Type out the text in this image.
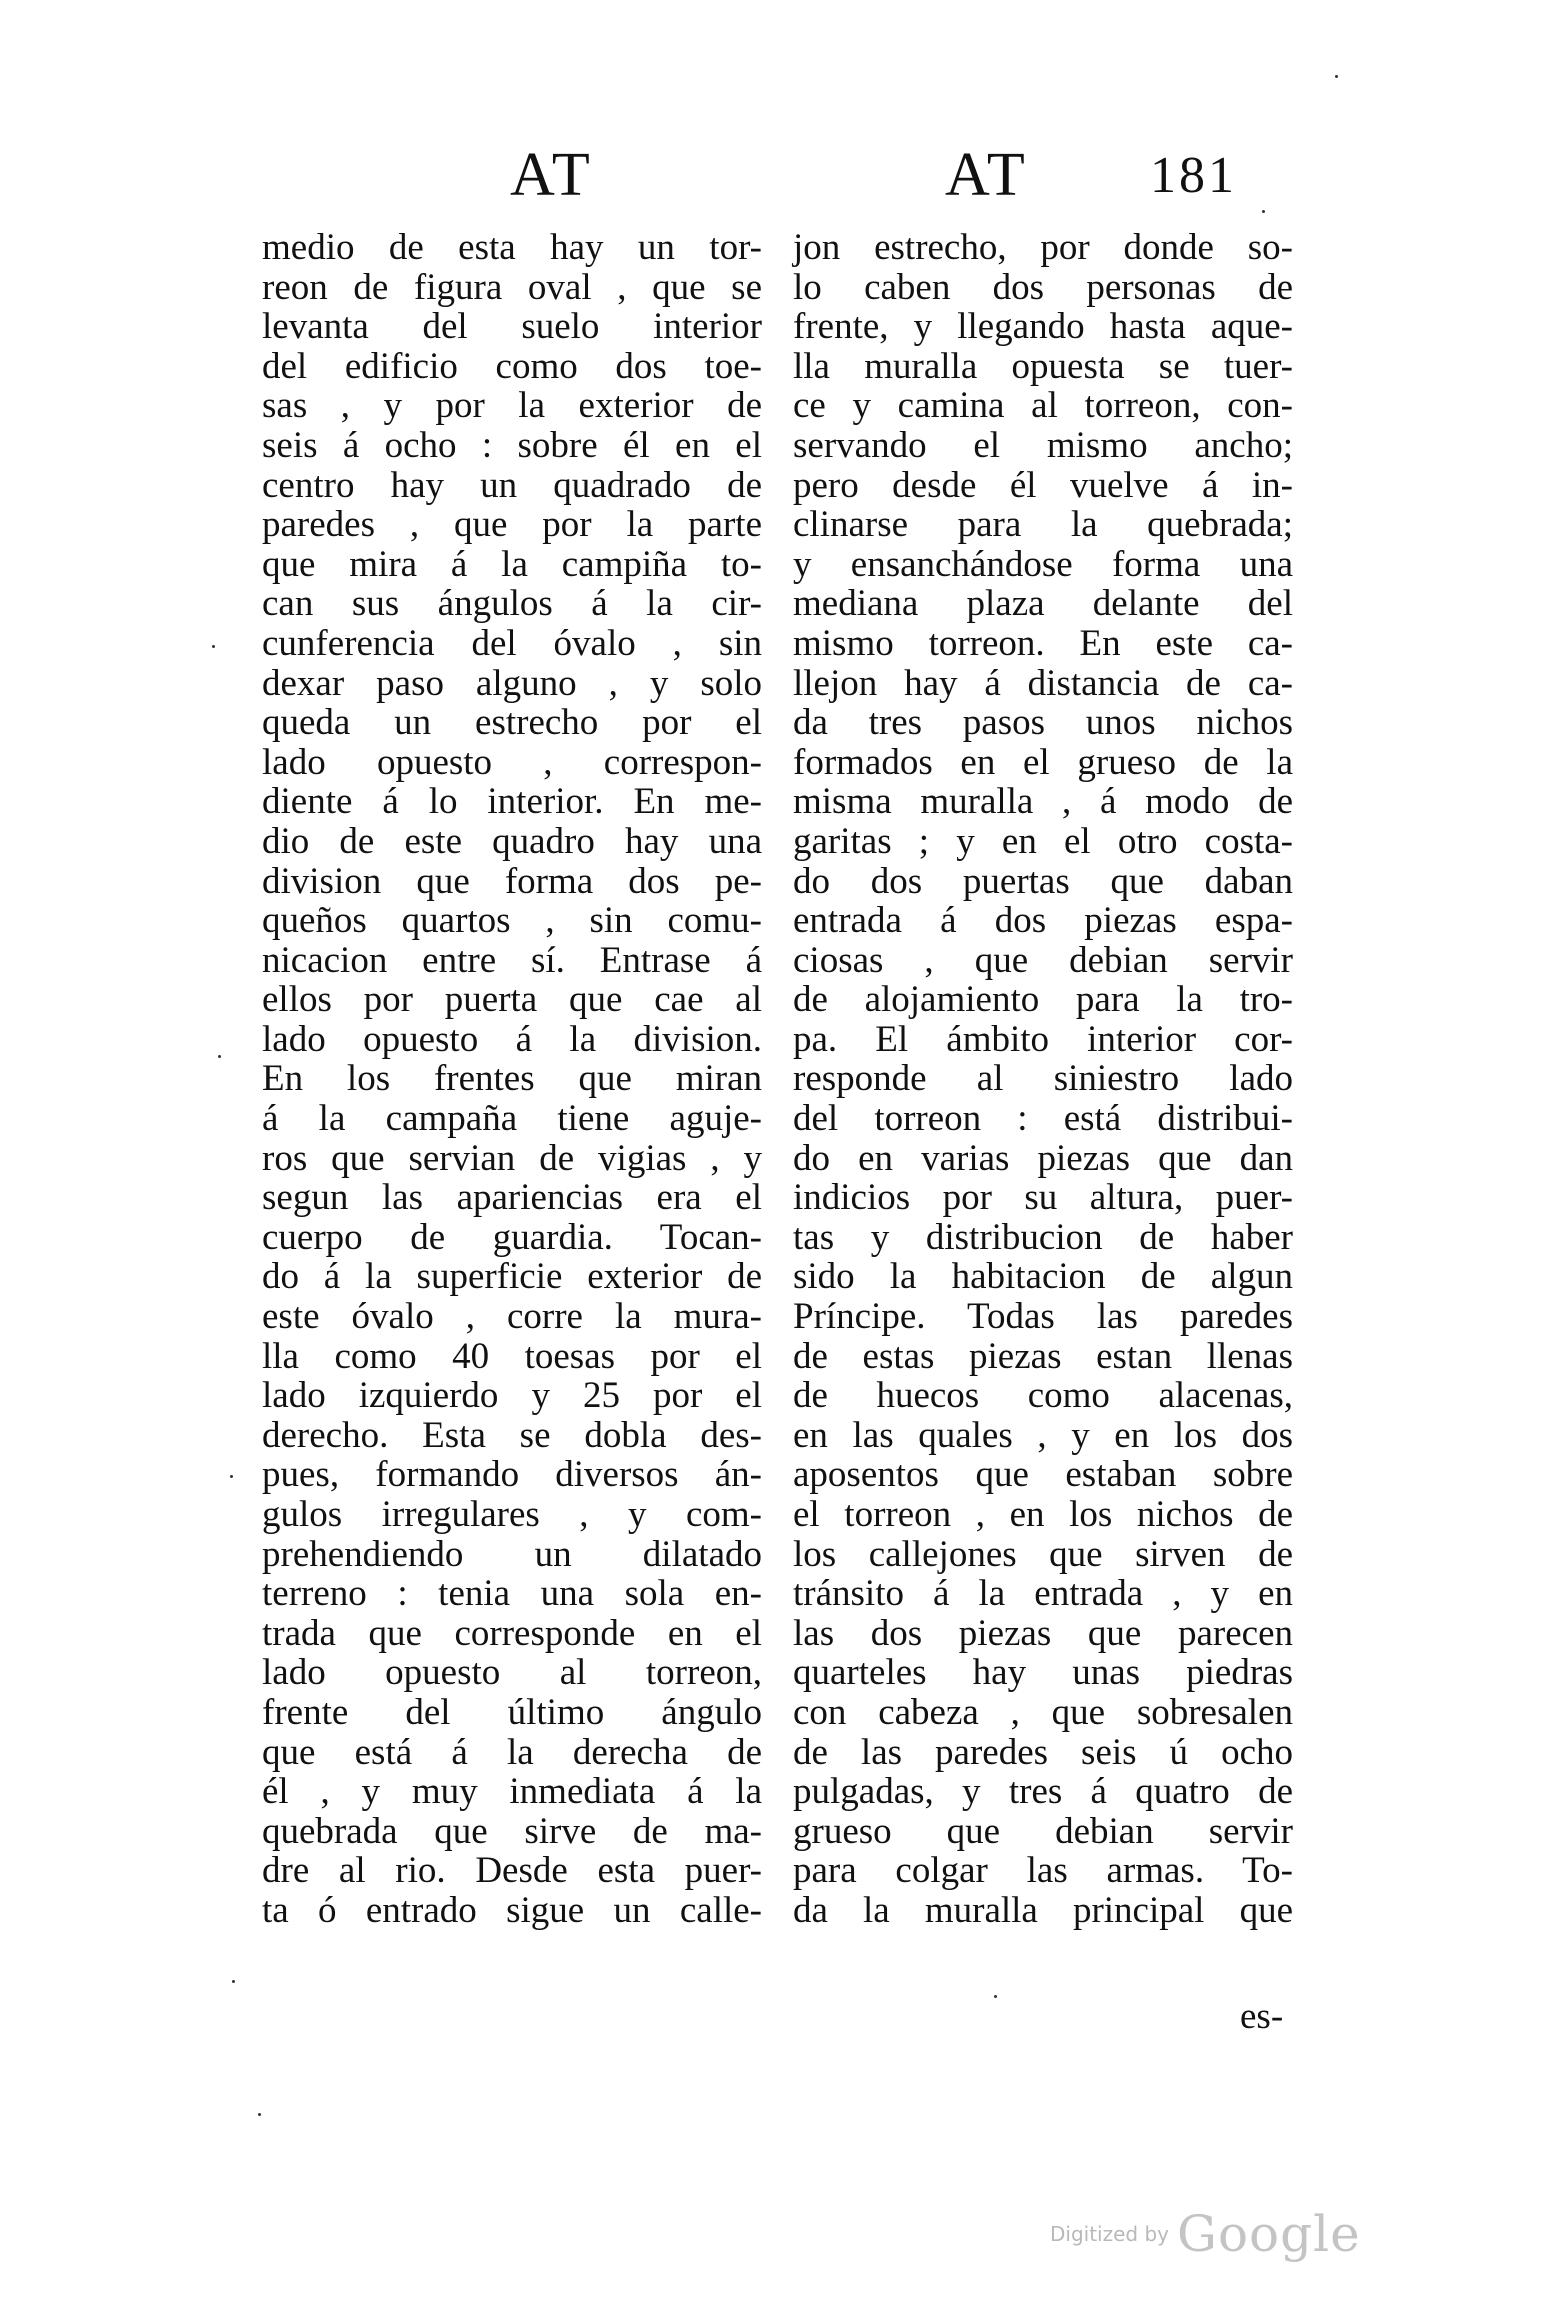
AT	AT 181
medio de esta hay un tor-
reon de figura oval , que se
levanta del suelo interior
del edificio como dos toe-
sas , y por la exterior de
seis á ocho : sobre él en el
centro hay un quadrado de
paredes , que por la parte
que mira á la campiña to-
can sus ángulos á la cir-
cunferencia del óvalo , sin
dexar paso alguno , y solo
queda un estrecho por el
lado opuesto , correspon-
diente á lo interior. En me-
dio de este quadro hay una
division que forma dos pe-
queños quartos , sin comu-
nicacion entre sí. Entrase á
ellos por puerta que cae al
lado opuesto á la division.
En los frentes que miran
á la campaña tiene aguje-
ros que servian de vigias , y
segun las apariencias era el
cuerpo de guardia. Tocan-
do á la superficie exterior de
este óvalo , corre la mura-
lla como 40 toesas por el
lado izquierdo y 25 por el
derecho. Esta se dobla des-
pues, formando diversos án-
gulos irregulares , y com-
prehendiendo un dilatado
terreno : tenia una sola en-
trada que corresponde en el
lado opuesto al torreon,
frente del último ángulo
que está á la derecha de
él , y muy inmediata á la
quebrada que sirve de ma-
dre al rio. Desde esta puer-
ta ó entrado sigue un calle-
jon estrecho, por donde so-
lo caben dos personas de
frente, y llegando hasta aque-
lla muralla opuesta se tuer-
ce y camina al torreon, con-
servando el mismo ancho;
pero desde él vuelve á in-
clinarse para la quebrada;
y ensanchándose forma una
mediana plaza delante del
mismo torreon. En este ca-
llejon hay á distancia de ca-
da tres pasos unos nichos
formados en el grueso de la
misma muralla , á modo de
garitas ; y en el otro costa-
do dos puertas que daban
entrada á dos piezas espa-
ciosas , que debian servir
de alojamiento para la tro-
pa. El ámbito interior cor-
responde al siniestro lado
del torreon : está distribui-
do en varias piezas que dan
indicios por su altura, puer-
tas y distribucion de haber
sido la habitacion de algun
Príncipe. Todas las paredes
de estas piezas estan llenas
de huecos como alacenas,
en las quales , y en los dos
aposentos que estaban sobre
el torreon , en los nichos de
los callejones que sirven de
tránsito á la entrada , y en
las dos piezas que parecen
quarteles hay unas piedras
con cabeza , que sobresalen
de las paredes seis ú ocho
pulgadas, y tres á quatro de
grueso que debian servir
para colgar las armas. To-
da la muralla principal que
es-
Digitized by Google
